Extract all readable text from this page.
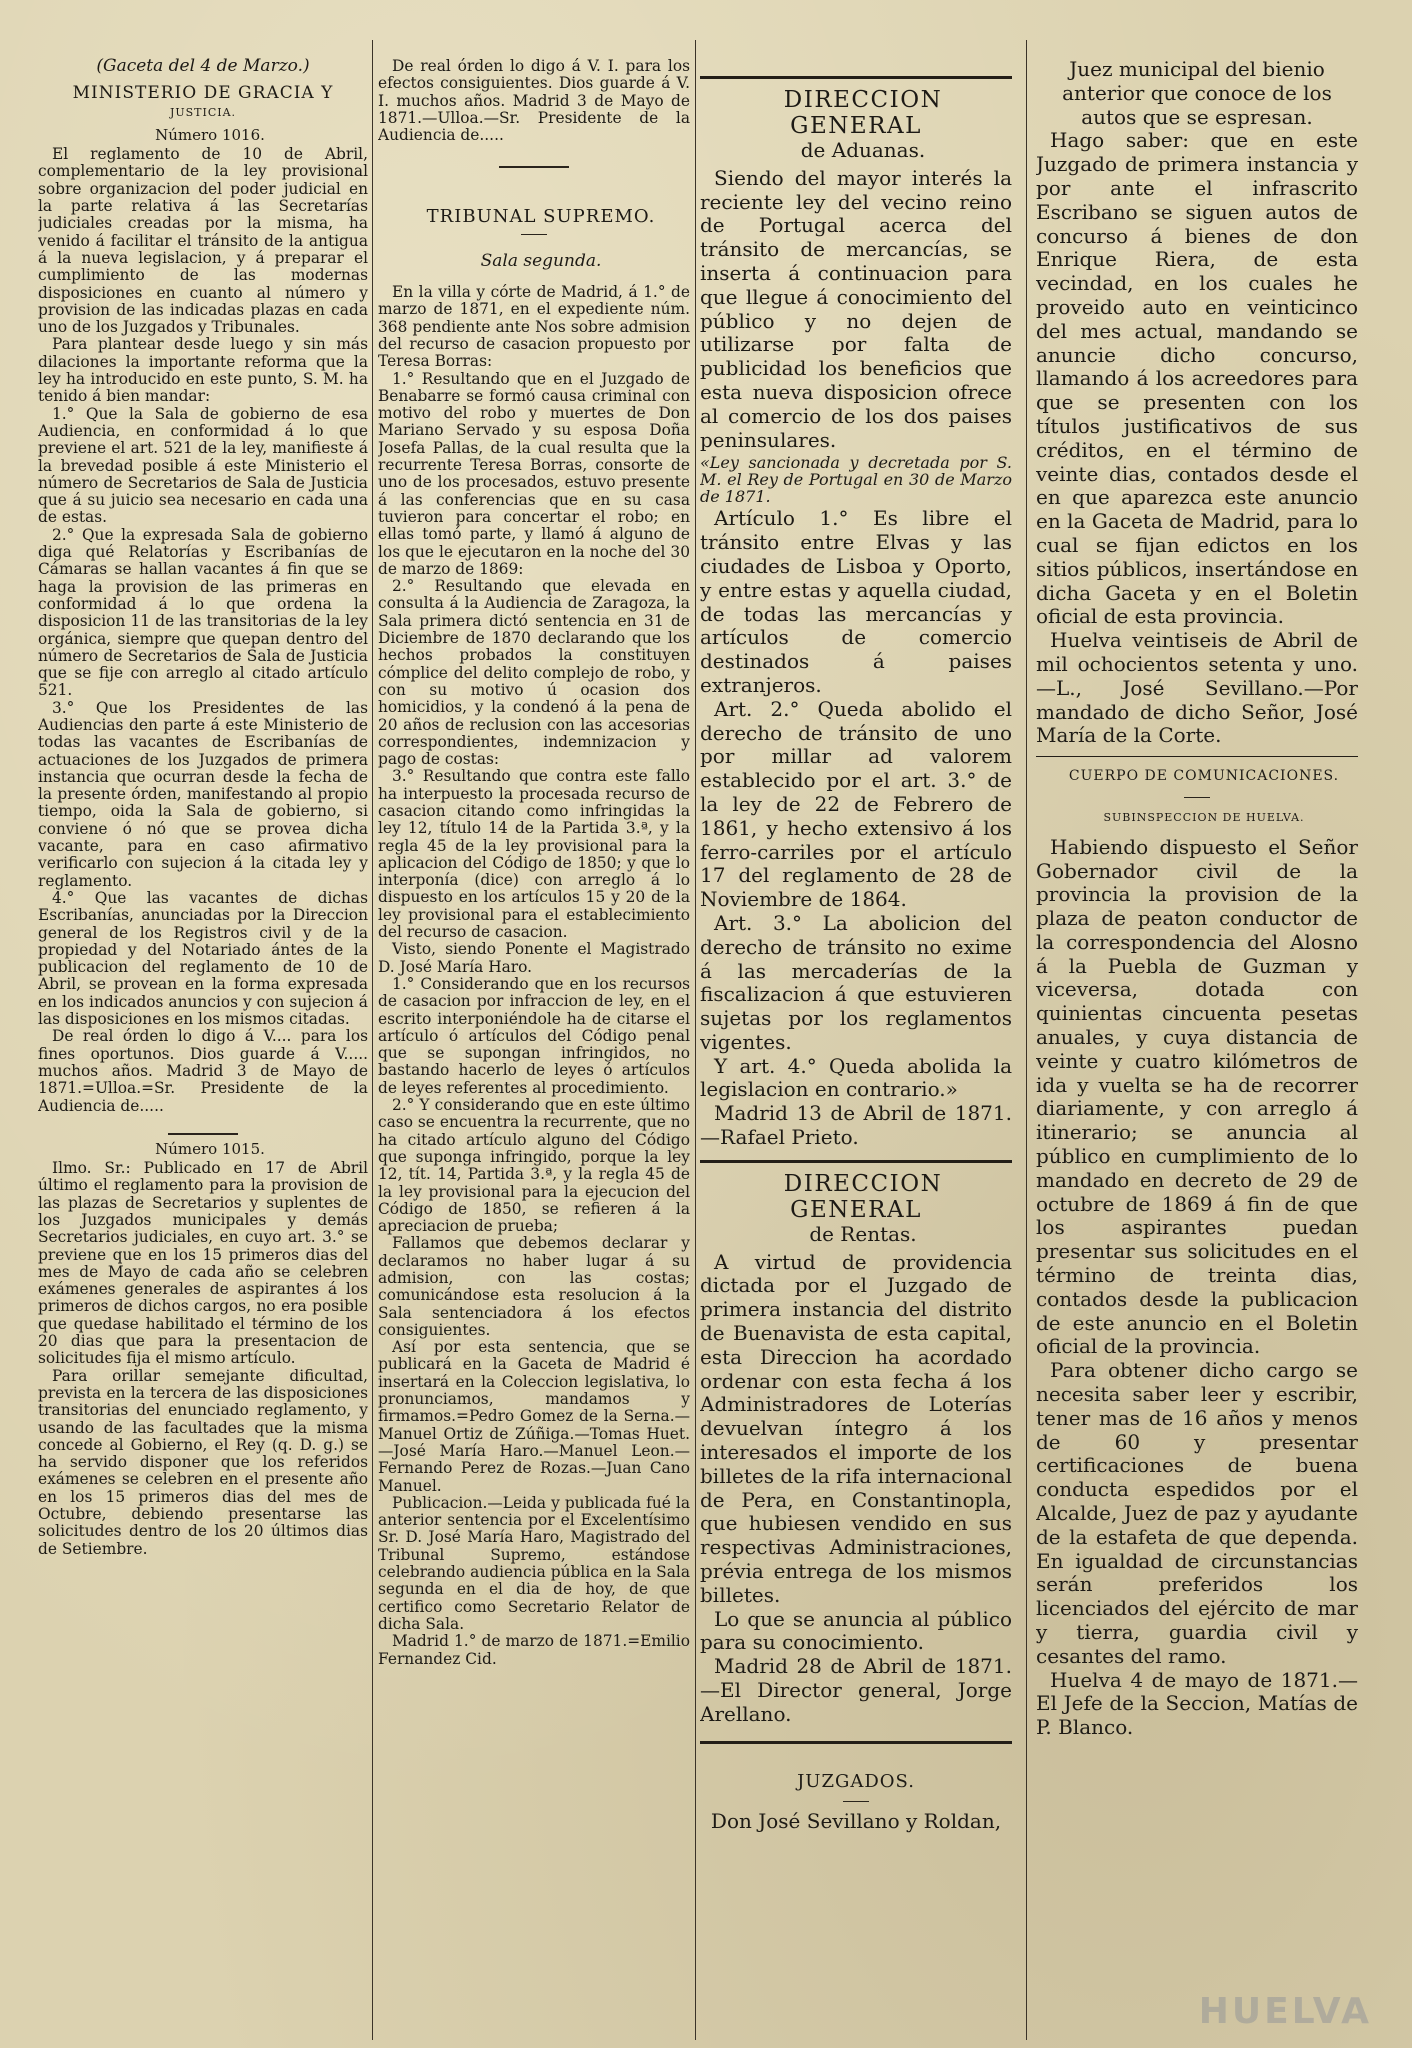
(Gaceta del 4 de Marzo.)

MINISTERIO DE GRACIA Y
JUSTICIA.

Número 1016.

El reglamento de 10 de Abril, complementario de la ley provisional sobre organizacion del poder judicial en la parte relativa á las Secretarías judiciales creadas por la misma, ha venido á facilitar el tránsito de la antigua á la nueva legislacion, y á preparar el cumplimiento de las modernas disposiciones en cuanto al número y provision de las indicadas plazas en cada uno de los Juzgados y Tribunales.

Para plantear desde luego y sin más dilaciones la importante reforma que la ley ha introducido en este punto, S. M. ha tenido á bien mandar:

1.° Que la Sala de gobierno de esa Audiencia, en conformidad á lo que previene el art. 521 de la ley, manifieste á la brevedad posible á este Ministerio el número de Secretarios de Sala de Justicia que á su juicio sea necesario en cada una de estas.

2.° Que la expresada Sala de gobierno diga qué Relatorías y Escribanías de Cámaras se hallan vacantes á fin que se haga la provision de las primeras en conformidad á lo que ordena la disposicion 11 de las transitorias de la ley orgánica, siempre que quepan dentro del número de Secretarios de Sala de Justicia que se fije con arreglo al citado artículo 521.

3.° Que los Presidentes de las Audiencias den parte á este Ministerio de todas las vacantes de Escribanías de actuaciones de los Juzgados de primera instancia que ocurran desde la fecha de la presente órden, manifestando al propio tiempo, oida la Sala de gobierno, si conviene ó nó que se provea dicha vacante, para en caso afirmativo verificarlo con sujecion á la citada ley y reglamento.

4.° Que las vacantes de dichas Escribanías, anunciadas por la Direccion general de los Registros civil y de la propiedad y del Notariado ántes de la publicacion del reglamento de 10 de Abril, se provean en la forma expresada en los indicados anuncios y con sujecion á las disposiciones en los mismos citadas.

De real órden lo digo á V.... para los fines oportunos. Dios guarde á V..... muchos años. Madrid 3 de Mayo de 1871.=Ulloa.=Sr. Presidente de la Audiencia de.....

Número 1015.

Ilmo. Sr.: Publicado en 17 de Abril último el reglamento para la provision de las plazas de Secretarios y suplentes de los Juzgados municipales y demás Secretarios judiciales, en cuyo art. 3.° se previene que en los 15 primeros dias del mes de Mayo de cada año se celebren exámenes generales de aspirantes á los primeros de dichos cargos, no era posible que quedase habilitado el término de los 20 dias que para la presentacion de solicitudes fija el mismo artículo.

Para orillar semejante dificultad, prevista en la tercera de las disposiciones transitorias del enunciado reglamento, y usando de las facultades que la misma concede al Gobierno, el Rey (q. D. g.) se ha servido disponer que los referidos exámenes se celebren en el presente año en los 15 primeros dias del mes de Octubre, debiendo presentarse las solicitudes dentro de los 20 últimos dias de Setiembre.

De real órden lo digo á V. I. para los efectos consiguientes. Dios guarde á V. I. muchos años. Madrid 3 de Mayo de 1871.—Ulloa.—Sr. Presidente de la Audiencia de.....

TRIBUNAL SUPREMO.

Sala segunda.

En la villa y córte de Madrid, á 1.° de marzo de 1871, en el expediente núm. 368 pendiente ante Nos sobre admision del recurso de casacion propuesto por Teresa Borras:

1.° Resultando que en el Juzgado de Benabarre se formó causa criminal con motivo del robo y muertes de Don Mariano Servado y su esposa Doña Josefa Pallas, de la cual resulta que la recurrente Teresa Borras, consorte de uno de los procesados, estuvo presente á las conferencias que en su casa tuvieron para concertar el robo; en ellas tomó parte, y llamó á alguno de los que le ejecutaron en la noche del 30 de marzo de 1869:

2.° Resultando que elevada en consulta á la Audiencia de Zaragoza, la Sala primera dictó sentencia en 31 de Diciembre de 1870 declarando que los hechos probados la constituyen cómplice del delito complejo de robo, y con su motivo ú ocasion dos homicidios, y la condenó á la pena de 20 años de reclusion con las accesorias correspondientes, indemnizacion y pago de costas:

3.° Resultando que contra este fallo ha interpuesto la procesada recurso de casacion citando como infringidas la ley 12, título 14 de la Partida 3.ª, y la regla 45 de la ley provisional para la aplicacion del Código de 1850; y que lo interponía (dice) con arreglo á lo dispuesto en los artículos 15 y 20 de la ley provisional para el establecimiento del recurso de casacion.

Visto, siendo Ponente el Magistrado D. José María Haro.

1.° Considerando que en los recursos de casacion por infraccion de ley, en el escrito interponiéndole ha de citarse el artículo ó artículos del Código penal que se supongan infringidos, no bastando hacerlo de leyes ó artículos de leyes referentes al procedimiento.

2.° Y considerando que en este último caso se encuentra la recurrente, que no ha citado artículo alguno del Código que suponga infringido, porque la ley 12, tít. 14, Partida 3.ª, y la regla 45 de la ley provisional para la ejecucion del Código de 1850, se refieren á la apreciacion de prueba;

Fallamos que debemos declarar y declaramos no haber lugar á su admision, con las costas; comunicándose esta resolucion á la Sala sentenciadora á los efectos consiguientes.

Así por esta sentencia, que se publicará en la Gaceta de Madrid é insertará en la Coleccion legislativa, lo pronunciamos, mandamos y firmamos.=Pedro Gomez de la Serna.—Manuel Ortiz de Zúñiga.—Tomas Huet.—José María Haro.—Manuel Leon.—Fernando Perez de Rozas.—Juan Cano Manuel.

Publicacion.—Leida y publicada fué la anterior sentencia por el Excelentísimo Sr. D. José María Haro, Magistrado del Tribunal Supremo, estándose celebrando audiencia pública en la Sala segunda en el dia de hoy, de que certifico como Secretario Relator de dicha Sala.

Madrid 1.° de marzo de 1871.=Emilio Fernandez Cid.

DIRECCION GENERAL

de Aduanas.

Siendo del mayor interés la reciente ley del vecino reino de Portugal acerca del tránsito de mercancías, se inserta á continuacion para que llegue á conocimiento del público y no dejen de utilizarse por falta de publicidad los beneficios que esta nueva disposicion ofrece al comercio de los dos paises peninsulares.

«Ley sancionada y decretada por S. M. el Rey de Portugal en 30 de Marzo de 1871.

Artículo 1.° Es libre el tránsito entre Elvas y las ciudades de Lisboa y Oporto, y entre estas y aquella ciudad, de todas las mercancías y artículos de comercio destinados á paises extranjeros.

Art. 2.° Queda abolido el derecho de tránsito de uno por millar ad valorem establecido por el art. 3.° de la ley de 22 de Febrero de 1861, y hecho extensivo á los ferro-carriles por el artículo 17 del reglamento de 28 de Noviembre de 1864.

Art. 3.° La abolicion del derecho de tránsito no exime á las mercaderías de la fiscalizacion á que estuvieren sujetas por los reglamentos vigentes.

Y art. 4.° Queda abolida la legislacion en contrario.»

Madrid 13 de Abril de 1871.—Rafael Prieto.

DIRECCION GENERAL

de Rentas.

A virtud de providencia dictada por el Juzgado de primera instancia del distrito de Buenavista de esta capital, esta Direccion ha acordado ordenar con esta fecha á los Administradores de Loterías devuelvan íntegro á los interesados el importe de los billetes de la rifa internacional de Pera, en Constantinopla, que hubiesen vendido en sus respectivas Administraciones, prévia entrega de los mismos billetes.

Lo que se anuncia al público para su conocimiento.

Madrid 28 de Abril de 1871.—El Director general, Jorge Arellano.

JUZGADOS.

Don José Sevillano y Roldan,

Juez municipal del bienio anterior que conoce de los autos que se espresan.

Hago saber: que en este Juzgado de primera instancia y por ante el infrascrito Escribano se siguen autos de concurso á bienes de don Enrique Riera, de esta vecindad, en los cuales he proveido auto en veinticinco del mes actual, mandando se anuncie dicho concurso, llamando á los acreedores para que se presenten con los títulos justificativos de sus créditos, en el término de veinte dias, contados desde el en que aparezca este anuncio en la Gaceta de Madrid, para lo cual se fijan edictos en los sitios públicos, insertándose en dicha Gaceta y en el Boletin oficial de esta provincia.

Huelva veintiseis de Abril de mil ochocientos setenta y uno. —L., José Sevillano.—Por mandado de dicho Señor, José María de la Corte.

CUERPO DE COMUNICACIONES.

SUBINSPECCION DE HUELVA.

Habiendo dispuesto el Señor Gobernador civil de la provincia la provision de la plaza de peaton conductor de la correspondencia del Alosno á la Puebla de Guzman y viceversa, dotada con quinientas cincuenta pesetas anuales, y cuya distancia de veinte y cuatro kilómetros de ida y vuelta se ha de recorrer diariamente, y con arreglo á itinerario; se anuncia al público en cumplimiento de lo mandado en decreto de 29 de octubre de 1869 á fin de que los aspirantes puedan presentar sus solicitudes en el término de treinta dias, contados desde la publicacion de este anuncio en el Boletin oficial de la provincia.

Para obtener dicho cargo se necesita saber leer y escribir, tener mas de 16 años y menos de 60 y presentar certificaciones de buena conducta espedidos por el Alcalde, Juez de paz y ayudante de la estafeta de que dependa. En igualdad de circunstancias serán preferidos los licenciados del ejército de mar y tierra, guardia civil y cesantes del ramo.

Huelva 4 de mayo de 1871.—El Jefe de la Seccion, Matías de P. Blanco.

HUELVA
